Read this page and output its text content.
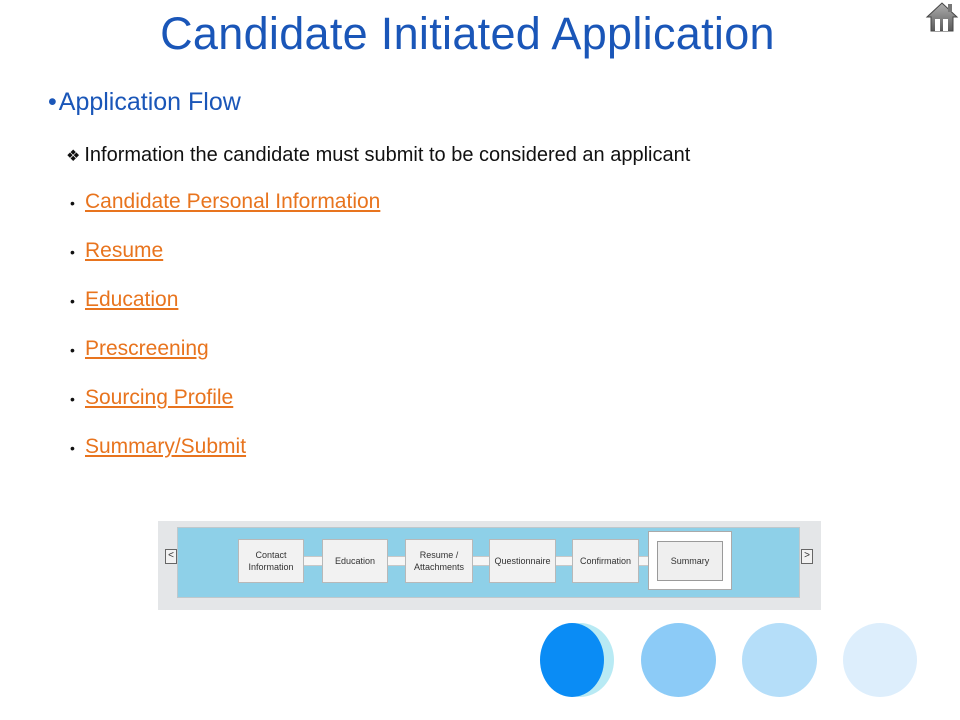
Candidate Initiated Application
•Application Flow
❖ Information the candidate must submit to be considered an applicant
• Candidate Personal Information
• Resume
• Education
• Prescreening
• Sourcing Profile
• Summary/Submit
<	>
Contact Information
Education
Resume / Attachments
Questionnaire	Confirmation	Summary
